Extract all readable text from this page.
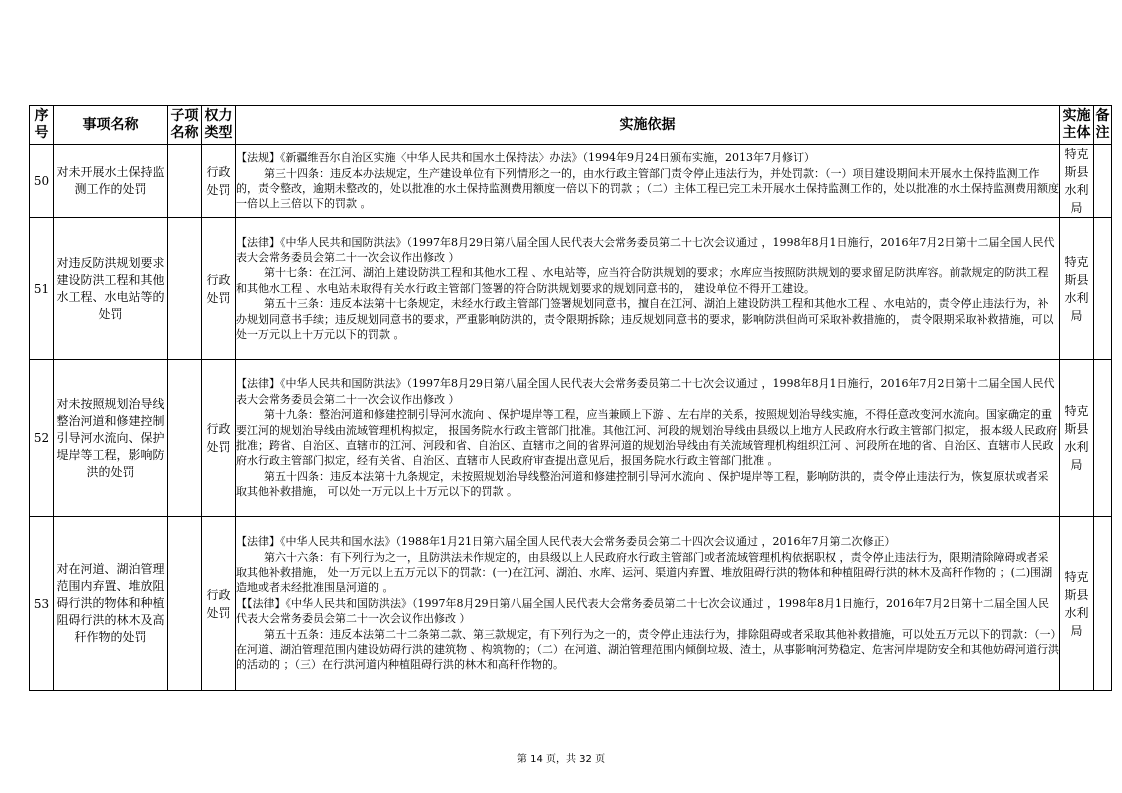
序号	事项名称	子项名称	权力类型	实施依据	实施主体	备注
50	对未开展水土保持监测工作的处罚		行政处罚	【法规】《新疆维吾尔自治区实施〈中华人民共和国水土保持法〉办法》（1994年9月24日颁布实施，2013年7月修订）

第三十四条：违反本办法规定，生产建设单位有下列情形之一的，由水行政主管部门责令停止违法行为，并处罚款：（一）项目建设期间未开展水土保持监测工作的，责令整改，逾期未整改的，处以批准的水土保持监测费用额度一倍以下的罚款 ；（二）主体工程已完工未开展水土保持监测工作的，处以批准的水土保持监测费用额度一倍以上三倍以下的罚款 。	特克斯县水利局	
51	对违反防洪规划要求建设防洪工程和其他水工程、水电站等的处罚		行政处罚	【法律】《中华人民共和国防洪法》（1997年8月29日第八届全国人民代表大会常务委员第二十七次会议通过 ，1998年8月1日施行，2016年7月2日第十二届全国人民代表大会常务委员会第二十一次会议作出修改 ）

第十七条：在江河、湖泊上建设防洪工程和其他水工程 、水电站等，应当符合防洪规划的要求；水库应当按照防洪规划的要求留足防洪库容。前款规定的防洪工程和其他水工程 、水电站未取得有关水行政主管部门签署的符合防洪规划要求的规划同意书的， 建设单位不得开工建设。

第五十三条：违反本法第十七条规定，未经水行政主管部门签署规划同意书，擅自在江河、湖泊上建设防洪工程和其他水工程 、水电站的，责令停止违法行为，补办规划同意书手续；违反规划同意书的要求，严重影响防洪的，责令限期拆除；违反规划同意书的要求，影响防洪但尚可采取补救措施的， 责令限期采取补救措施，可以处一万元以上十万元以下的罚款 。	特克斯县水利局	
52	对未按照规划治导线整治河道和修建控制引导河水流向、保护堤岸等工程，影响防洪的处罚		行政处罚	【法律】《中华人民共和国防洪法》（1997年8月29日第八届全国人民代表大会常务委员第二十七次会议通过 ，1998年8月1日施行，2016年7月2日第十二届全国人民代表大会常务委员会第二十一次会议作出修改 ）

第十九条：整治河道和修建控制引导河水流向 、保护堤岸等工程，应当兼顾上下游 、左右岸的关系，按照规划治导线实施，不得任意改变河水流向。国家确定的重要江河的规划治导线由流域管理机构拟定， 报国务院水行政主管部门批准。其他江河、河段的规划治导线由县级以上地方人民政府水行政主管部门拟定， 报本级人民政府批准；跨省、自治区、直辖市的江河、河段和省、自治区、直辖市之间的省界河道的规划治导线由有关流域管理机构组织江河 、河段所在地的省、自治区、直辖市人民政府水行政主管部门拟定，经有关省、自治区、直辖市人民政府审查提出意见后，报国务院水行政主管部门批准 。

第五十四条：违反本法第十九条规定，未按照规划治导线整治河道和修建控制引导河水流向 、保护堤岸等工程，影响防洪的，责令停止违法行为，恢复原状或者采取其他补救措施， 可以处一万元以上十万元以下的罚款 。	特克斯县水利局	
53	对在河道、湖泊管理范围内弃置、堆放阻碍行洪的物体和种植阻碍行洪的林木及高秆作物的处罚		行政处罚	【法律】《中华人民共和国水法》（1988年1月21日第六届全国人民代表大会常务委员会第二十四次会议通过 ，2016年7月第二次修正）

第六十六条：有下列行为之一，且防洪法未作规定的，由县级以上人民政府水行政主管部门或者流域管理机构依据职权 ，责令停止违法行为，限期清除障碍或者采取其他补救措施， 处一万元以上五万元以下的罚款：(一)在江河、湖泊、水库、运河、渠道内弃置、堆放阻碍行洪的物体和种植阻碍行洪的林木及高秆作物的 ；(二)围湖造地或者未经批准围垦河道的 。

【【法律】《中华人民共和国防洪法》（1997年8月29日第八届全国人民代表大会常务委员第二十七次会议通过 ，1998年8月1日施行，2016年7月2日第十二届全国人民代表大会常务委员会第二十一次会议作出修改 ）

第五十五条：违反本法第二十二条第二款、第三款规定，有下列行为之一的，责令停止违法行为，排除阻碍或者采取其他补救措施，可以处五万元以下的罚款：（一）在河道、湖泊管理范围内建设妨碍行洪的建筑物 、构筑物的；（二）在河道、湖泊管理范围内倾倒垃圾、渣土，从事影响河势稳定、危害河岸堤防安全和其他妨碍河道行洪的活动的 ；（三）在行洪河道内种植阻碍行洪的林木和高秆作物的。	特克斯县水利局	
第 14 页，共 32 页
